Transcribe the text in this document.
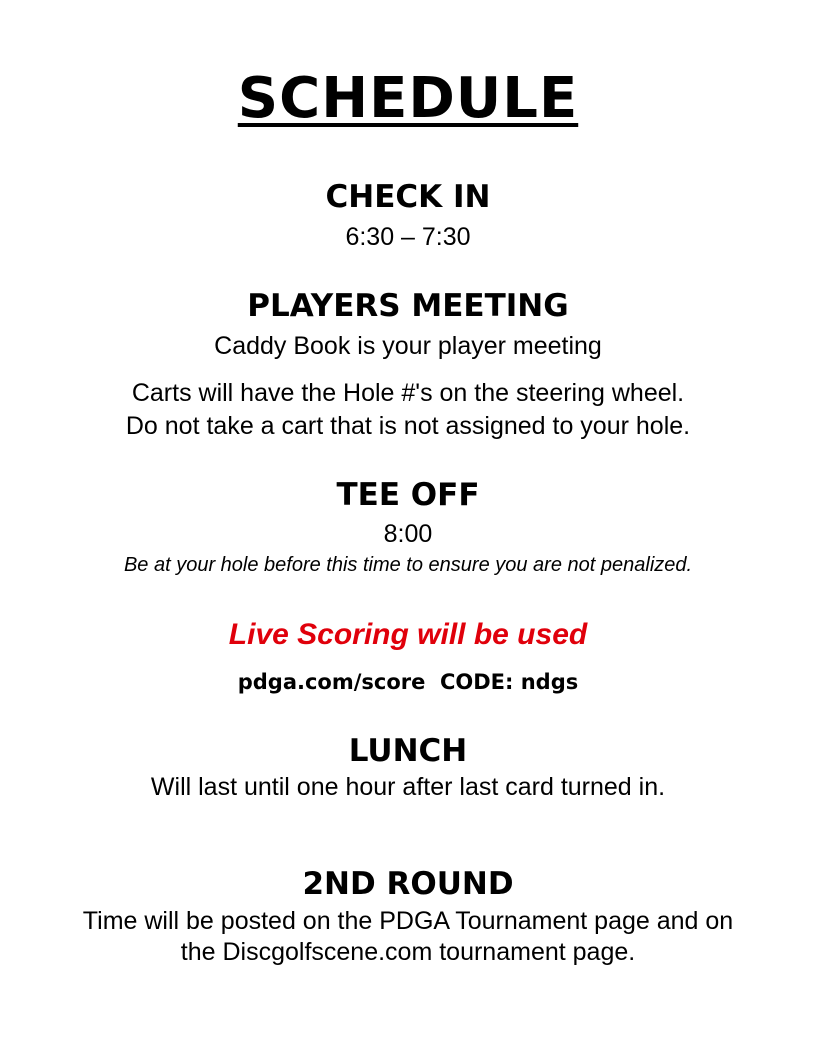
SCHEDULE
CHECK IN
6:30 – 7:30
PLAYERS MEETING
Caddy Book is your player meeting
Carts will have the Hole #'s on the steering wheel.
Do not take a cart that is not assigned to your hole.
TEE OFF
8:00
Be at your hole before this time to ensure you are not penalized.
Live Scoring will be used
pdga.com/score  CODE: ndgs
LUNCH
Will last until one hour after last card turned in.
2ND ROUND
Time will be posted on the PDGA Tournament page and on
the Discgolfscene.com tournament page.
